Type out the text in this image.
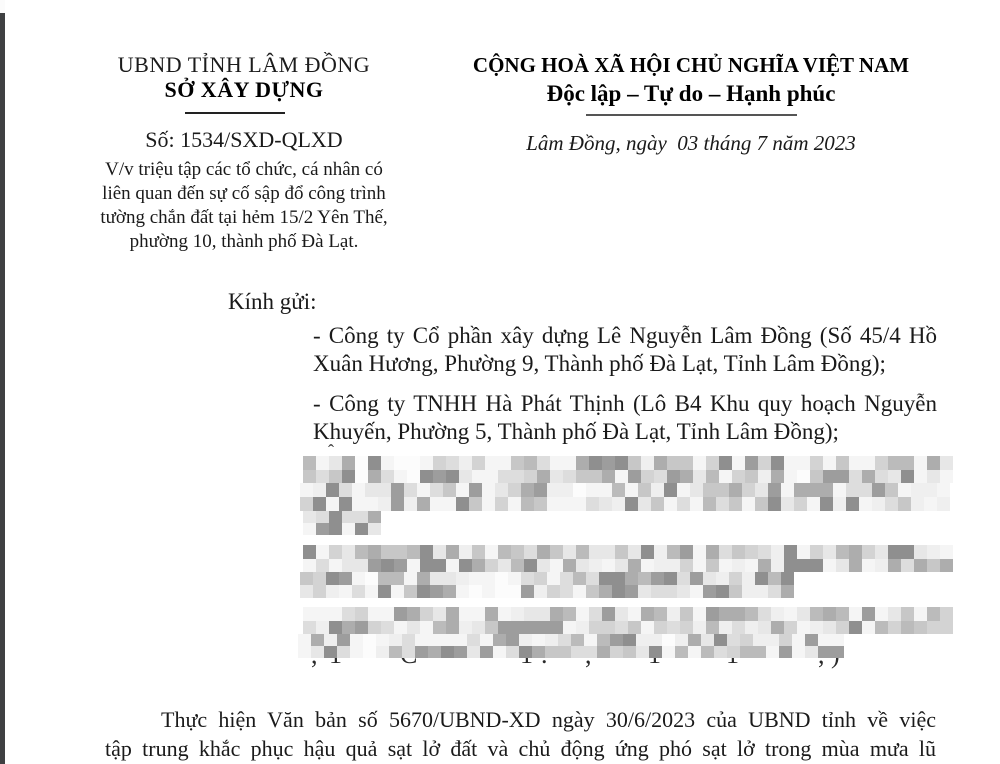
UBND TỈNH LÂM ĐỒNG
SỞ XÂY DỰNG
Số: 1534/SXD-QLXD
V/v triệu tập các tổ chức, cá nhân có
liên quan đến sự cố sập đổ công trình
tường chắn đất tại hẻm 15/2 Yên Thế,
phường 10, thành phố Đà Lạt.
CỘNG HOÀ XÃ HỘI CHỦ NGHĨA VIỆT NAM
Độc lập – Tự do – Hạnh phúc
Lâm Đồng, ngày  03 tháng 7 năm 2023
Kính gửi:
- Công ty Cổ phần xây dựng Lê Nguyễn Lâm Đồng (Số 45/4 Hồ
Xuân Hương, Phường 9, Thành phố Đà Lạt, Tỉnh Lâm Đồng);
- Công ty TNHH Hà Phát Thịnh (Lô B4 Khu quy hoạch Nguyễn
Khuyến, Phường 5, Thành phố Đà Lạt, Tỉnh Lâm Đồng);
ˆ
Thực hiện Văn bản số 5670/UBND-XD ngày 30/6/2023 của UBND tỉnh về việc
tập trung khắc phục hậu quả sạt lở đất và chủ động ứng phó sạt lở trong mùa mưa lũ
